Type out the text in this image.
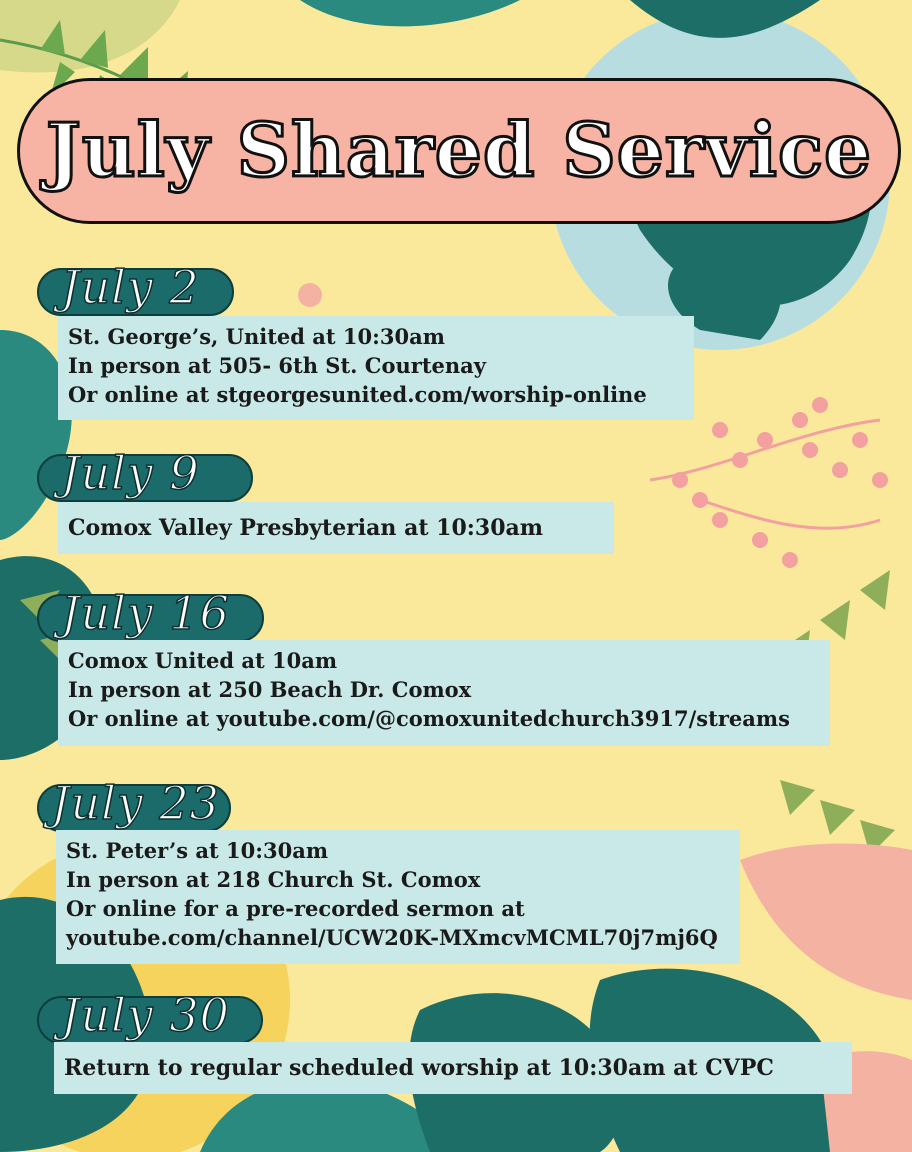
July Shared Service
July 2
St. George’s, United at 10:30am
In person at 505- 6th St. Courtenay
Or online at stgeorgesunited.com/worship-online
July 9
Comox Valley Presbyterian at 10:30am
July 16
Comox United at 10am
In person at 250 Beach Dr. Comox
Or online at youtube.com/@comoxunitedchurch3917/streams
July 23
St. Peter’s at 10:30am
In person at 218 Church St. Comox
Or online for a pre-recorded sermon at
youtube.com/channel/UCW20K-MXmcvMCML70j7mj6Q
July 30
Return to regular scheduled worship at 10:30am at CVPC
